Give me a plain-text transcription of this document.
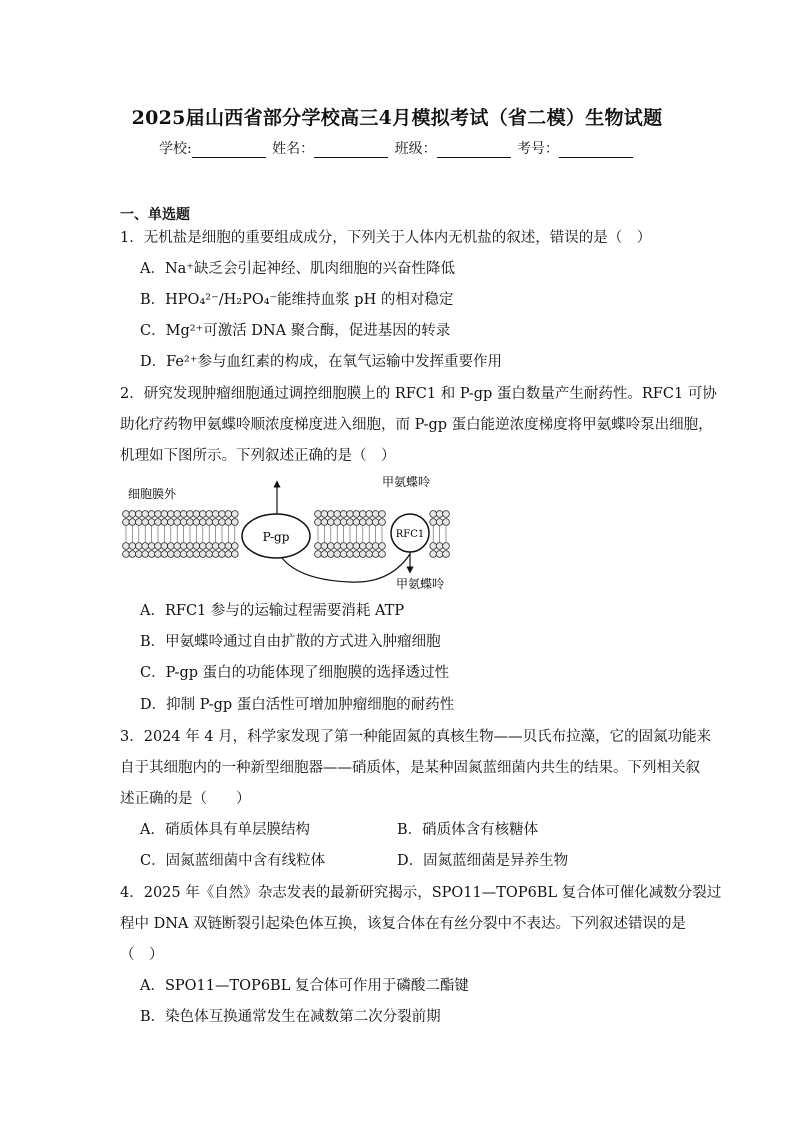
2025届山西省部分学校高三4月模拟考试（省二模）生物试题
学校:	姓名：	班级：	考号：
一、单选题
1．无机盐是细胞的重要组成成分，下列关于人体内无机盐的叙述，错误的是（　）
A．Na⁺缺乏会引起神经、肌肉细胞的兴奋性降低
B．HPO₄²⁻/H₂PO₄⁻能维持血浆 pH 的相对稳定
C．Mg²⁺可激活 DNA 聚合酶，促进基因的转录
D．Fe²⁺参与血红素的构成，在氧气运输中发挥重要作用
2．研究发现肿瘤细胞通过调控细胞膜上的 RFC1 和 P-gp 蛋白数量产生耐药性。RFC1 可协
助化疗药物甲氨蝶呤顺浓度梯度进入细胞，而 P-gp 蛋白能逆浓度梯度将甲氨蝶呤泵出细胞，
机理如下图所示。下列叙述正确的是（　）
P-gp	RFC1
细胞膜外
甲氨蝶呤
甲氨蝶呤
A．RFC1 参与的运输过程需要消耗 ATP
B．甲氨蝶呤通过自由扩散的方式进入肿瘤细胞
C．P-gp 蛋白的功能体现了细胞膜的选择透过性
D．抑制 P-gp 蛋白活性可增加肿瘤细胞的耐药性
3．2024 年 4 月，科学家发现了第一种能固氮的真核生物——贝氏布拉藻，它的固氮功能来
自于其细胞内的一种新型细胞器——硝质体，是某种固氮蓝细菌内共生的结果。下列相关叙
述正确的是（　　）
A．硝质体具有单层膜结构	B．硝质体含有核糖体
C．固氮蓝细菌中含有线粒体	D．固氮蓝细菌是异养生物
4．2025 年《自然》杂志发表的最新研究揭示，SPO11—TOP6BL 复合体可催化减数分裂过
程中 DNA 双链断裂引起染色体互换，该复合体在有丝分裂中不表达。下列叙述错误的是
（　）
A．SPO11—TOP6BL 复合体可作用于磷酸二酯键
B．染色体互换通常发生在减数第二次分裂前期
